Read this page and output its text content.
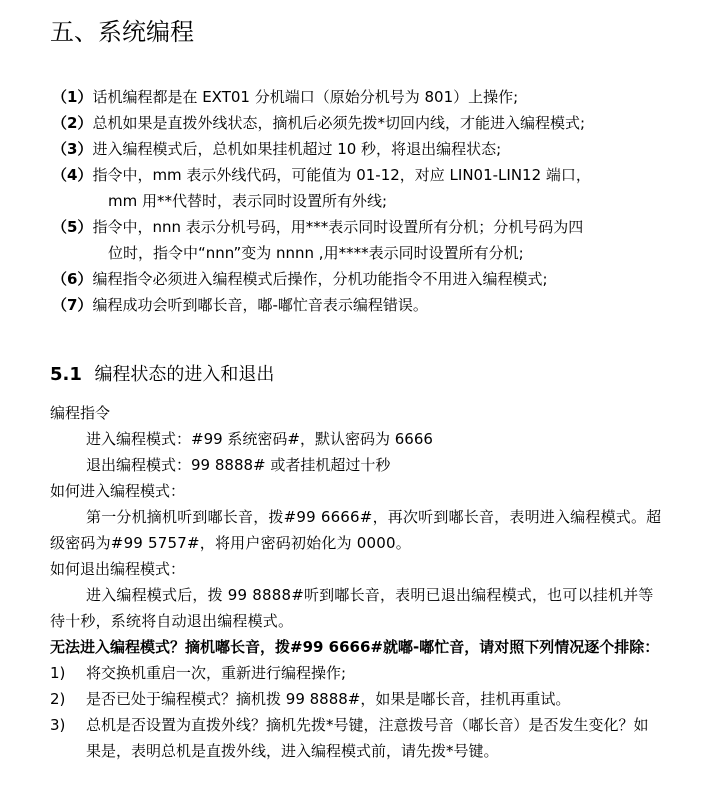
五、系统编程
（1）话机编程都是在 EXT01 分机端口（原始分机号为 801）上操作;
（2）总机如果是直拨外线状态，摘机后必须先拨*切回内线，才能进入编程模式;
（3）进入编程模式后，总机如果挂机超过 10 秒，将退出编程状态;
（4）指令中，mm 表示外线代码，可能值为 01-12，对应 LIN01-LIN12 端口，
mm 用**代替时，表示同时设置所有外线;
（5）指令中，nnn 表示分机号码，用***表示同时设置所有分机；分机号码为四
位时，指令中“nnn”变为 nnnn ,用****表示同时设置所有分机;
（6）编程指令必须进入编程模式后操作，分机功能指令不用进入编程模式;
（7）编程成功会听到嘟长音，嘟-嘟忙音表示编程错误。
5.1 编程状态的进入和退出
编程指令
进入编程模式：#99 系统密码#，默认密码为 6666
退出编程模式：99 8888# 或者挂机超过十秒
如何进入编程模式：
第一分机摘机听到嘟长音，拨#99 6666#，再次听到嘟长音，表明进入编程模式。超级密码为#99 5757#，将用户密码初始化为 0000。
如何退出编程模式：
进入编程模式后，拨 99 8888#听到嘟长音，表明已退出编程模式，也可以挂机并等待十秒，系统将自动退出编程模式。
无法进入编程模式？摘机嘟长音，拨#99 6666#就嘟-嘟忙音，请对照下列情况逐个排除：
1) 将交换机重启一次，重新进行编程操作;
2) 是否已处于编程模式？摘机拨 99 8888#，如果是嘟长音，挂机再重试。
3) 总机是否设置为直拨外线？摘机先拨*号键，注意拨号音（嘟长音）是否发生变化？如果是，表明总机是直拨外线，进入编程模式前，请先拨*号键。
